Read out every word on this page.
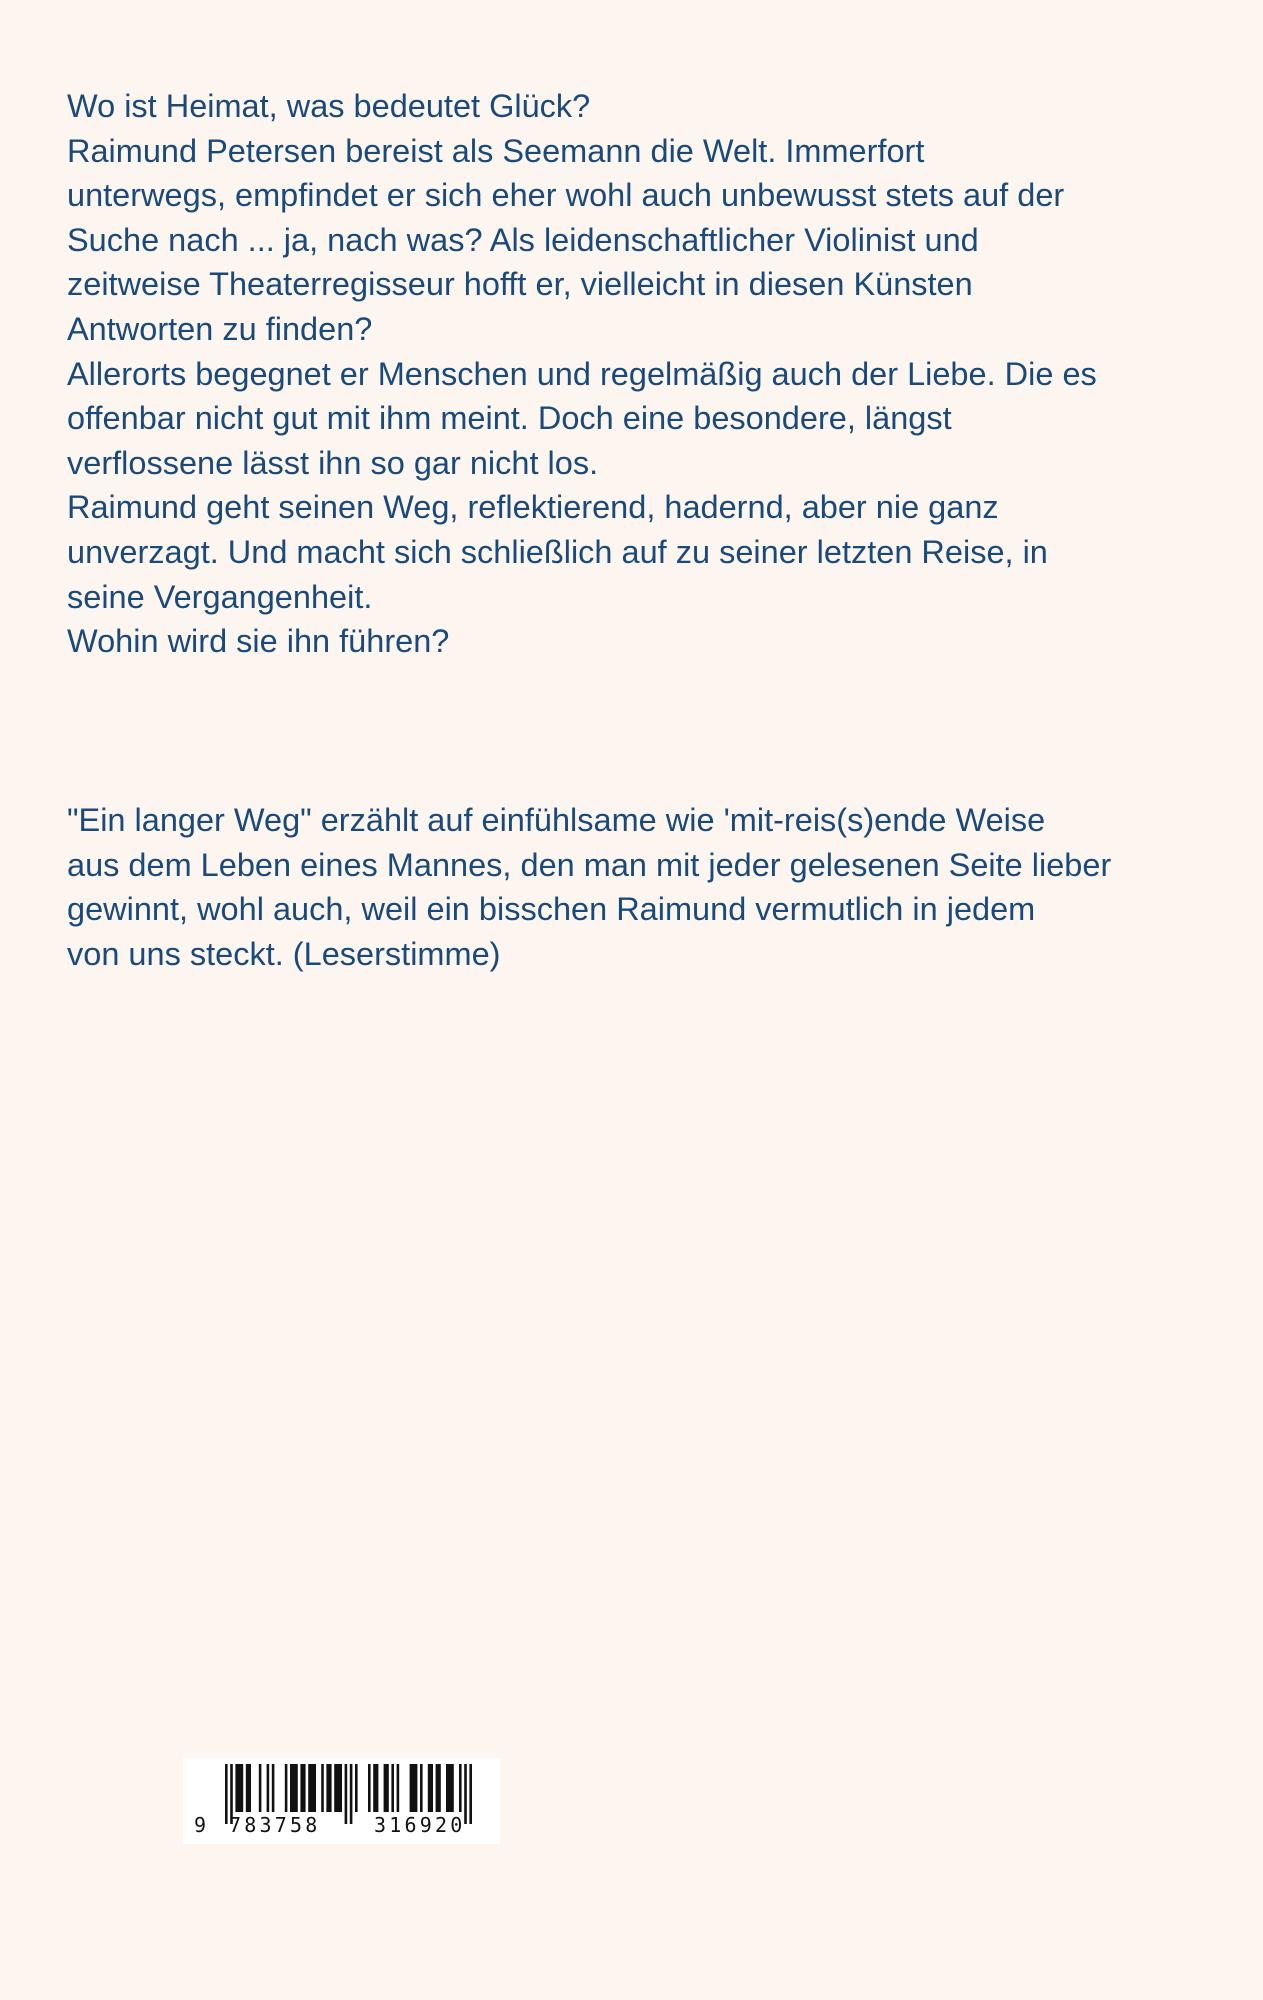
Wo ist Heimat, was bedeutet Glück?
Raimund Petersen bereist als Seemann die Welt. Immerfort
unterwegs, empfindet er sich eher wohl auch unbewusst stets auf der
Suche nach ... ja, nach was? Als leidenschaftlicher Violinist und
zeitweise Theaterregisseur hofft er, vielleicht in diesen Künsten
Antworten zu finden?
Allerorts begegnet er Menschen und regelmäßig auch der Liebe. Die es
offenbar nicht gut mit ihm meint. Doch eine besondere, längst
verflossene lässt ihn so gar nicht los.
Raimund geht seinen Weg, reflektierend, hadernd, aber nie ganz
unverzagt. Und macht sich schließlich auf zu seiner letzten Reise, in
seine Vergangenheit.
Wohin wird sie ihn führen?
"Ein langer Weg" erzählt auf einfühlsame wie 'mit-reis(s)ende Weise
aus dem Leben eines Mannes, den man mit jeder gelesenen Seite lieber
gewinnt, wohl auch, weil ein bisschen Raimund vermutlich in jedem
von uns steckt. (Leserstimme)
9 783758	316920
